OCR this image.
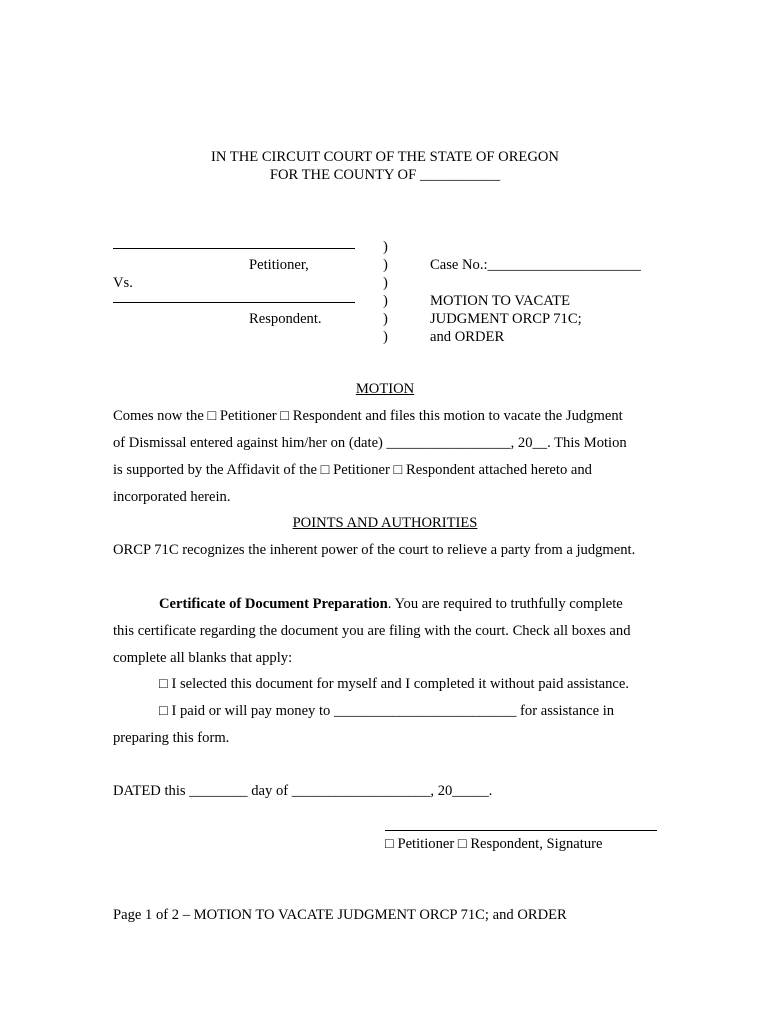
IN THE CIRCUIT COURT OF THE STATE OF OREGON
FOR THE COUNTY OF ___________
Petitioner,
Vs.
Respondent.
)
)
)
)
)
)
Case No.:_____________________
MOTION TO VACATE
JUDGMENT ORCP 71C;
and ORDER
MOTION
Comes now the □ Petitioner □ Respondent and files this motion to vacate the Judgment
of Dismissal entered against him/her on (date) _________________, 20__. This Motion
is supported by the Affidavit of the □ Petitioner □ Respondent attached hereto and
incorporated herein.
POINTS AND AUTHORITIES
ORCP 71C recognizes the inherent power of the court to relieve a party from a judgment.
Certificate of Document Preparation. You are required to truthfully complete
this certificate regarding the document you are filing with the court. Check all boxes and
complete all blanks that apply:
□ I selected this document for myself and I completed it without paid assistance.
□ I paid or will pay money to _________________________ for assistance in
preparing this form.
DATED this ________ day of ___________________, 20_____.
□ Petitioner □ Respondent, Signature
Page 1 of 2 – MOTION TO VACATE JUDGMENT ORCP 71C; and ORDER
